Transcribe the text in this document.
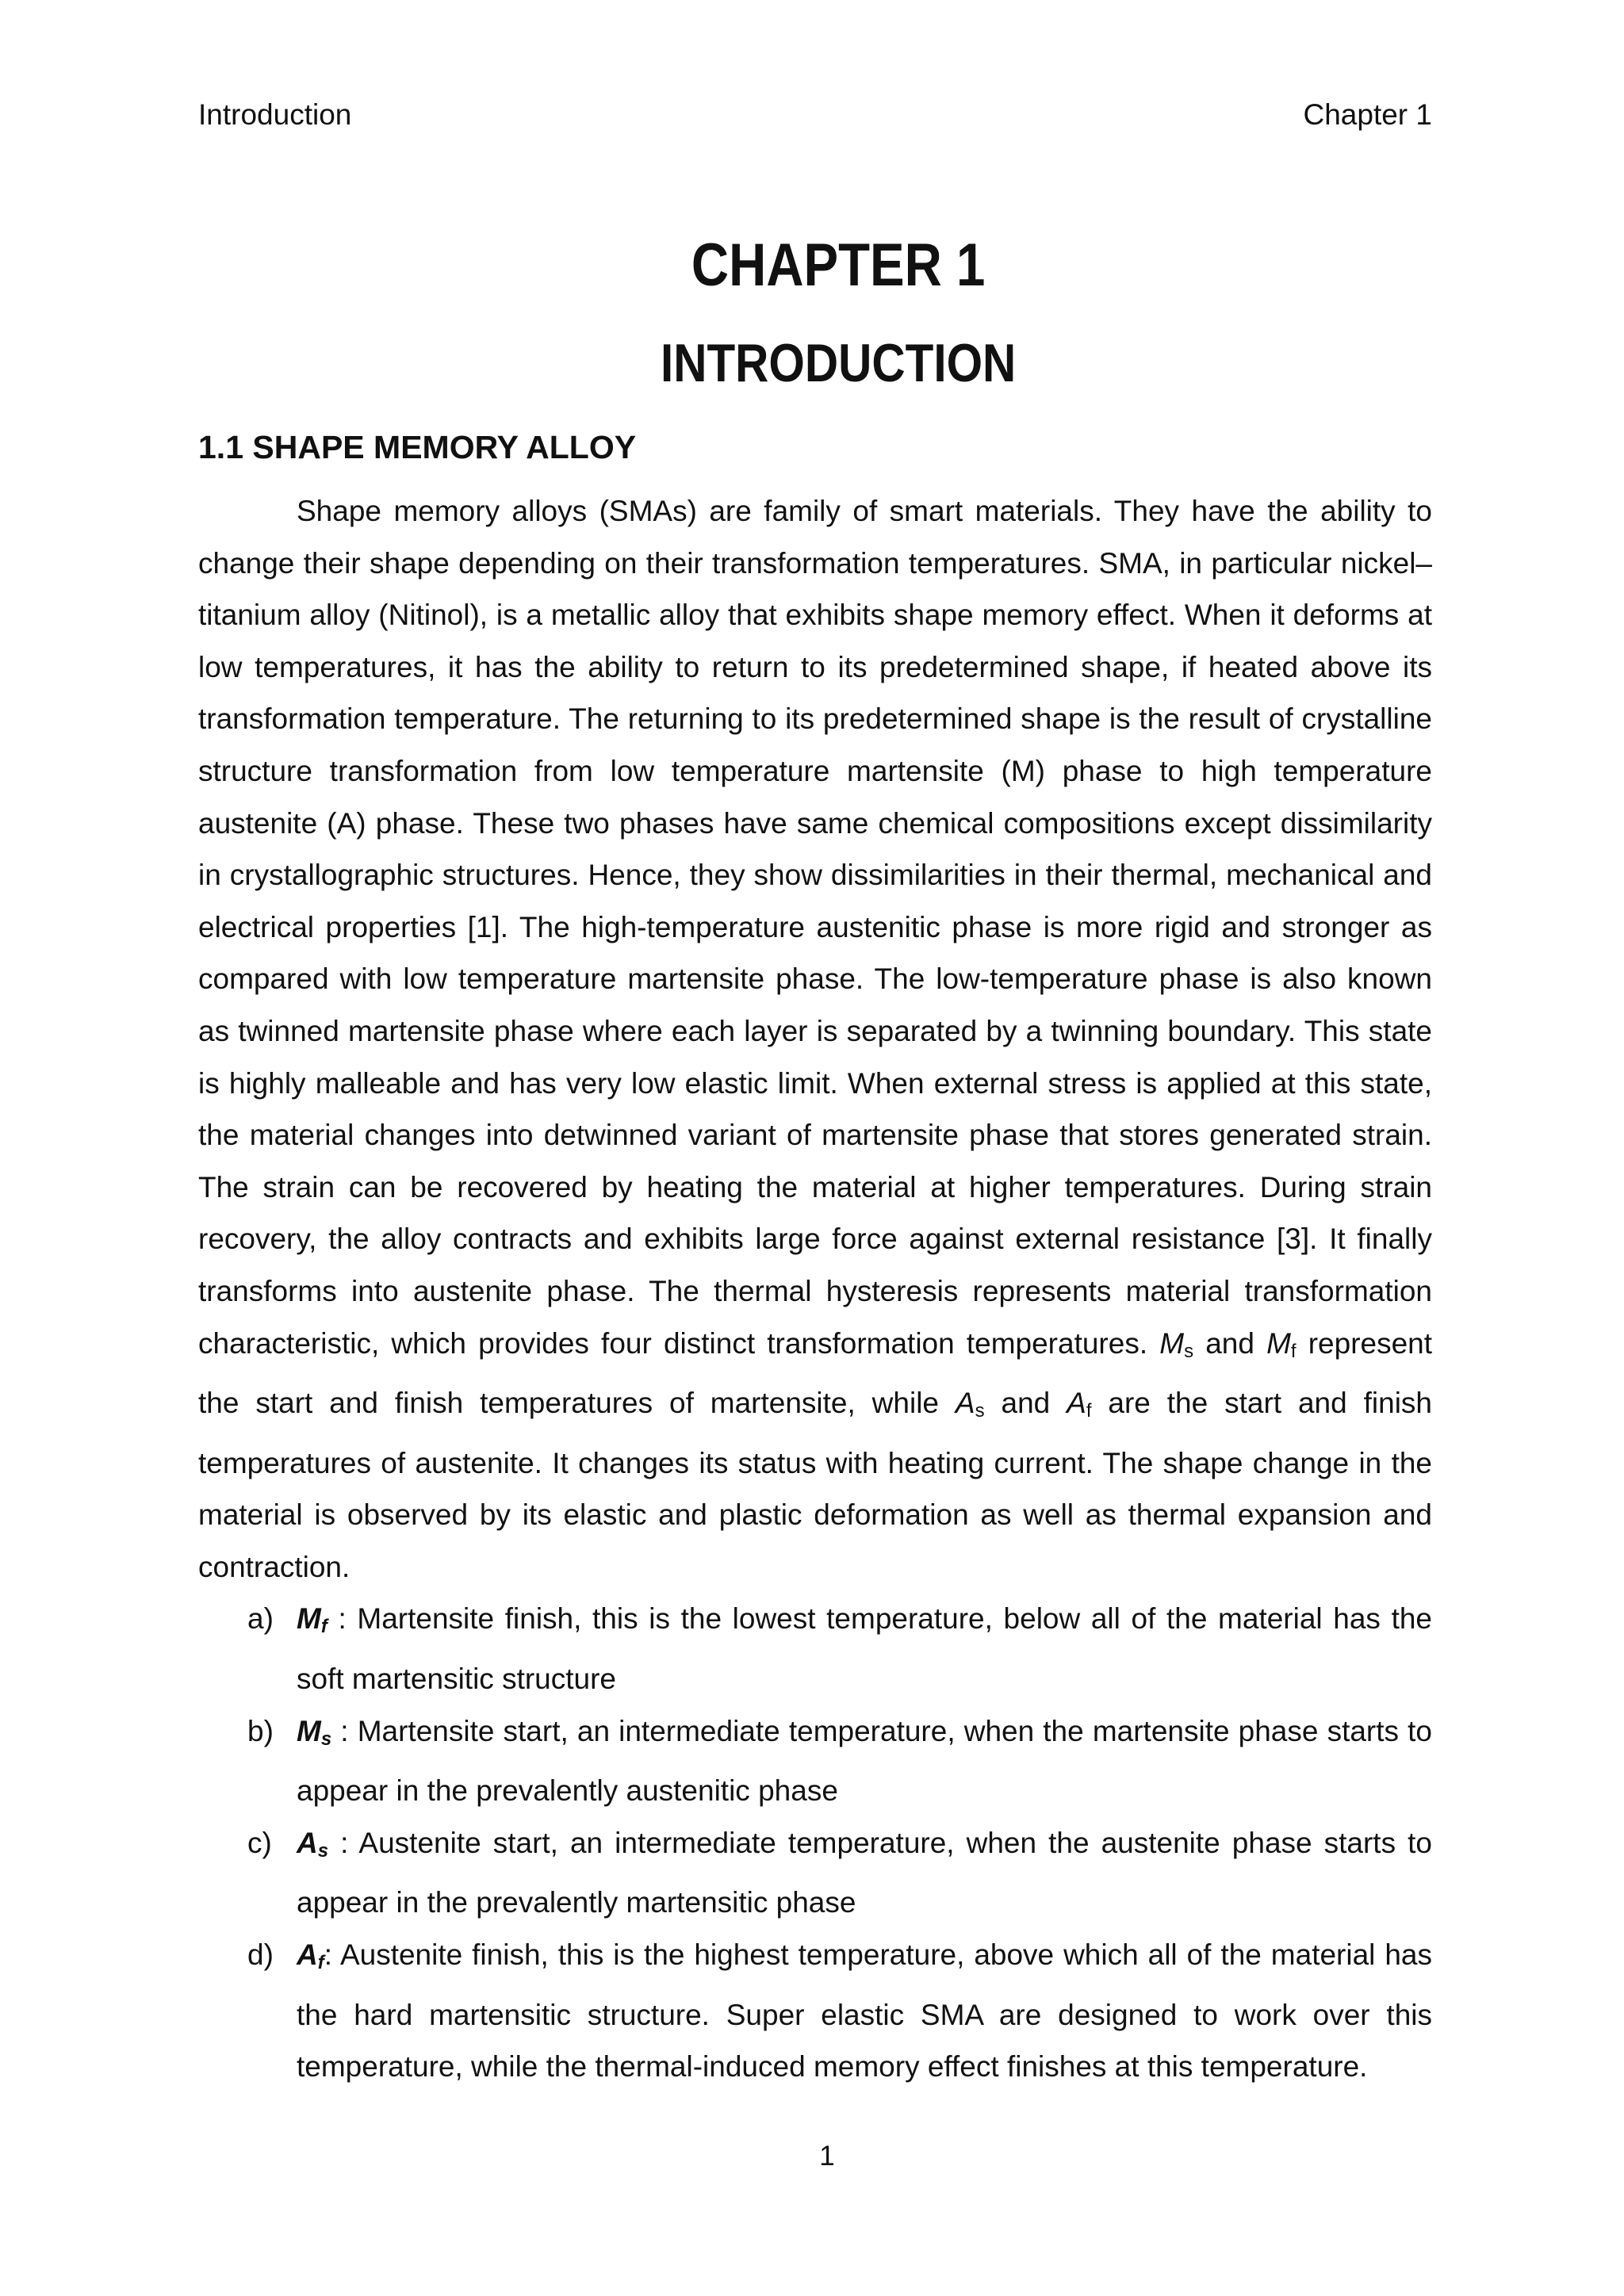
Introduction	Chapter 1
CHAPTER 1
INTRODUCTION
1.1 SHAPE MEMORY ALLOY

Shape memory alloys (SMAs) are family of smart materials. They have the ability to change their shape depending on their transformation temperatures. SMA, in particular nickel–titanium alloy (Nitinol), is a metallic alloy that exhibits shape memory effect. When it deforms at low temperatures, it has the ability to return to its predetermined shape, if heated above its transformation temperature. The returning to its predetermined shape is the result of crystalline structure transformation from low temperature martensite (M) phase to high temperature austenite (A) phase. These two phases have same chemical compositions except dissimilarity in crystallographic structures. Hence, they show dissimilarities in their thermal, mechanical and electrical properties [1]. The high-temperature austenitic phase is more rigid and stronger as compared with low temperature martensite phase. The low-temperature phase is also known as twinned martensite phase where each layer is separated by a twinning boundary. This state is highly malleable and has very low elastic limit. When external stress is applied at this state, the material changes into detwinned variant of martensite phase that stores generated strain. The strain can be recovered by heating the material at higher temperatures. During strain recovery, the alloy contracts and exhibits large force against external resistance [3]. It finally transforms into austenite phase. The thermal hysteresis represents material transformation characteristic, which provides four distinct transformation temperatures. $M_s$ and $M_f$ represent the start and finish temperatures of martensite, while $A_s$ and $A_f$ are the start and finish temperatures of austenite. It changes its status with heating current. The shape change in the material is observed by its elastic and plastic deformation as well as thermal expansion and contraction.

a) $M_f$ : Martensite finish, this is the lowest temperature, below all of the material has the soft martensitic structure
b) $M_s$ : Martensite start, an intermediate temperature, when the martensite phase starts to appear in the prevalently austenitic phase
c) $A_s$ : Austenite start, an intermediate temperature, when the austenite phase starts to appear in the prevalently martensitic phase
d) $A_f$: Austenite finish, this is the highest temperature, above which all of the material has the hard martensitic structure. Super elastic SMA are designed to work over this temperature, while the thermal-induced memory effect finishes at this temperature.
1
